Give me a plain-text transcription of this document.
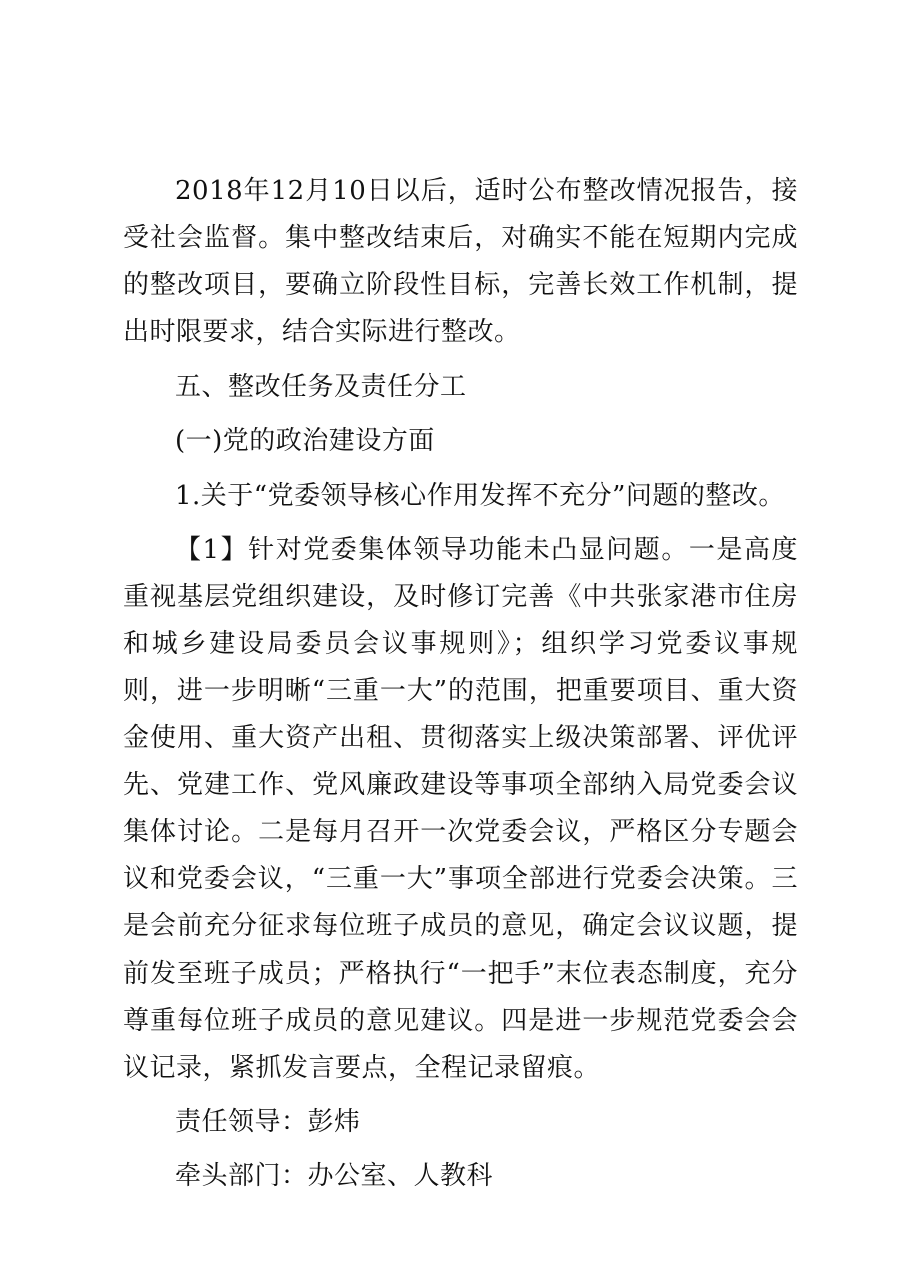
2018年12月10日以后，适时公布整改情况报告，接受社会监督。集中整改结束后，对确实不能在短期内完成的整改项目，要确立阶段性目标，完善长效工作机制，提出时限要求，结合实际进行整改。

五、整改任务及责任分工

(一)党的政治建设方面

1.关于“党委领导核心作用发挥不充分”问题的整改。

【1】针对党委集体领导功能未凸显问题。一是高度重视基层党组织建设，及时修订完善《中共张家港市住房和城乡建设局委员会议事规则》；组织学习党委议事规则，进一步明晰“三重一大”的范围，把重要项目、重大资金使用、重大资产出租、贯彻落实上级决策部署、评优评先、党建工作、党风廉政建设等事项全部纳入局党委会议集体讨论。二是每月召开一次党委会议，严格区分专题会议和党委会议，“三重一大”事项全部进行党委会决策。三是会前充分征求每位班子成员的意见，确定会议议题，提前发至班子成员；严格执行“一把手”末位表态制度，充分尊重每位班子成员的意见建议。四是进一步规范党委会会议记录，紧抓发言要点，全程记录留痕。

责任领导：彭炜

牵头部门：办公室、人教科
